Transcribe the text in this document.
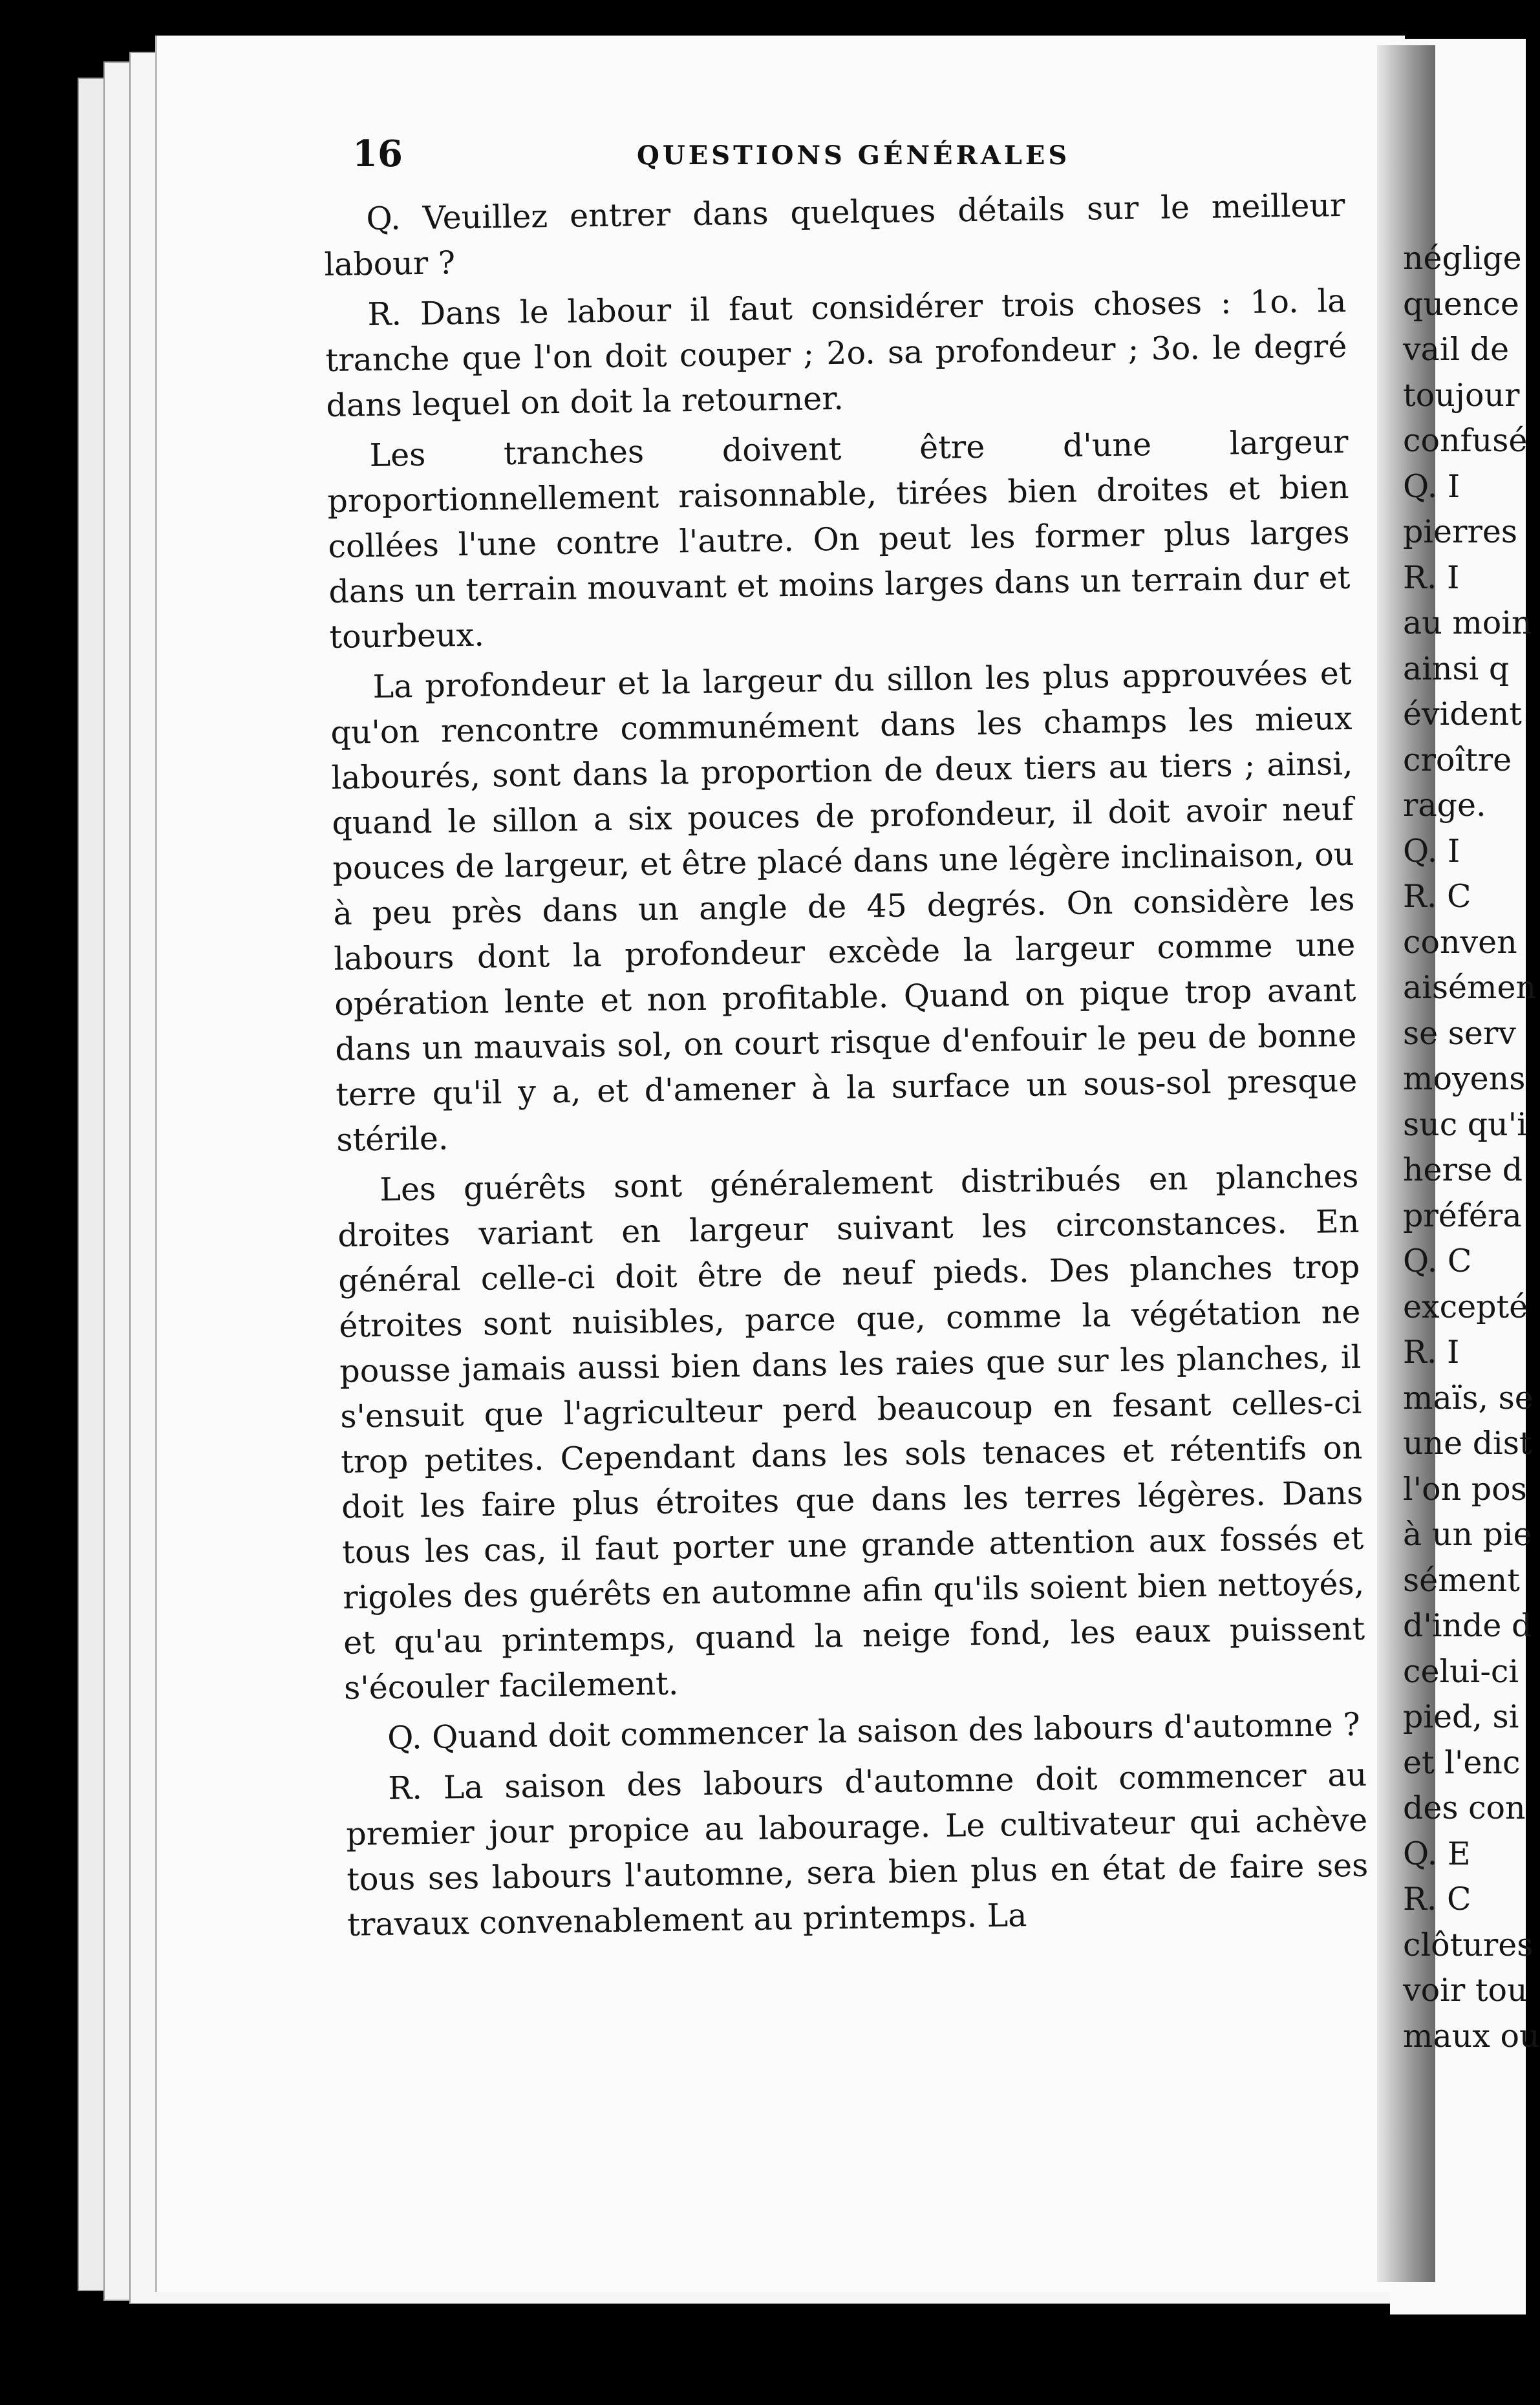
16	QUESTIONS GÉNÉRALES

Q. Veuillez entrer dans quelques détails sur le meilleur labour ?

R. Dans le labour il faut considérer trois choses : 1o. la tranche que l'on doit couper ; 2o. sa profondeur ; 3o. le degré dans lequel on doit la retourner.

Les tranches doivent être d'une largeur proportionnellement raisonnable, tirées bien droites et bien collées l'une contre l'autre. On peut les former plus larges dans un terrain mouvant et moins larges dans un terrain dur et tourbeux.

La profondeur et la largeur du sillon les plus approuvées et qu'on rencontre communément dans les champs les mieux labourés, sont dans la proportion de deux tiers au tiers ; ainsi, quand le sillon a six pouces de profondeur, il doit avoir neuf pouces de largeur, et être placé dans une légère inclinaison, ou à peu près dans un angle de 45 degrés. On considère les labours dont la profondeur excède la largeur comme une opération lente et non profitable. Quand on pique trop avant dans un mauvais sol, on court risque d'enfouir le peu de bonne terre qu'il y a, et d'amener à la surface un sous-sol presque stérile.

Les guérêts sont généralement distribués en planches droites variant en largeur suivant les circonstances. En général celle-ci doit être de neuf pieds. Des planches trop étroites sont nuisibles, parce que, comme la végétation ne pousse jamais aussi bien dans les raies que sur les planches, il s'ensuit que l'agriculteur perd beaucoup en fesant celles-ci trop petites. Cependant dans les sols tenaces et rétentifs on doit les faire plus étroites que dans les terres légères. Dans tous les cas, il faut porter une grande attention aux fossés et rigoles des guérêts en automne afin qu'ils soient bien nettoyés, et qu'au printemps, quand la neige fond, les eaux puissent s'écouler facilement.

Q. Quand doit commencer la saison des labours d'automne ?

R. La saison des labours d'automne doit commencer au premier jour propice au labourage. Le cultivateur qui achève tous ses labours l'automne, sera bien plus en état de faire ses travaux convenablement au printemps. La

néglige
quence
vail de
toujour
confusé
Q. I
pierres
R. I
au moin
ainsi q
évident
croître
rage.
Q. I
R. C
conven
aisémen
se serv
moyens
suc qu'i
herse d
préféra
Q. C
excepté
R. I
maïs, se
une dist
l'on pos
à un pie
sément
d'inde d
celui-ci
pied, si
et l'enc
des con
Q. E
R. C
clôtures
voir tou
maux ou
